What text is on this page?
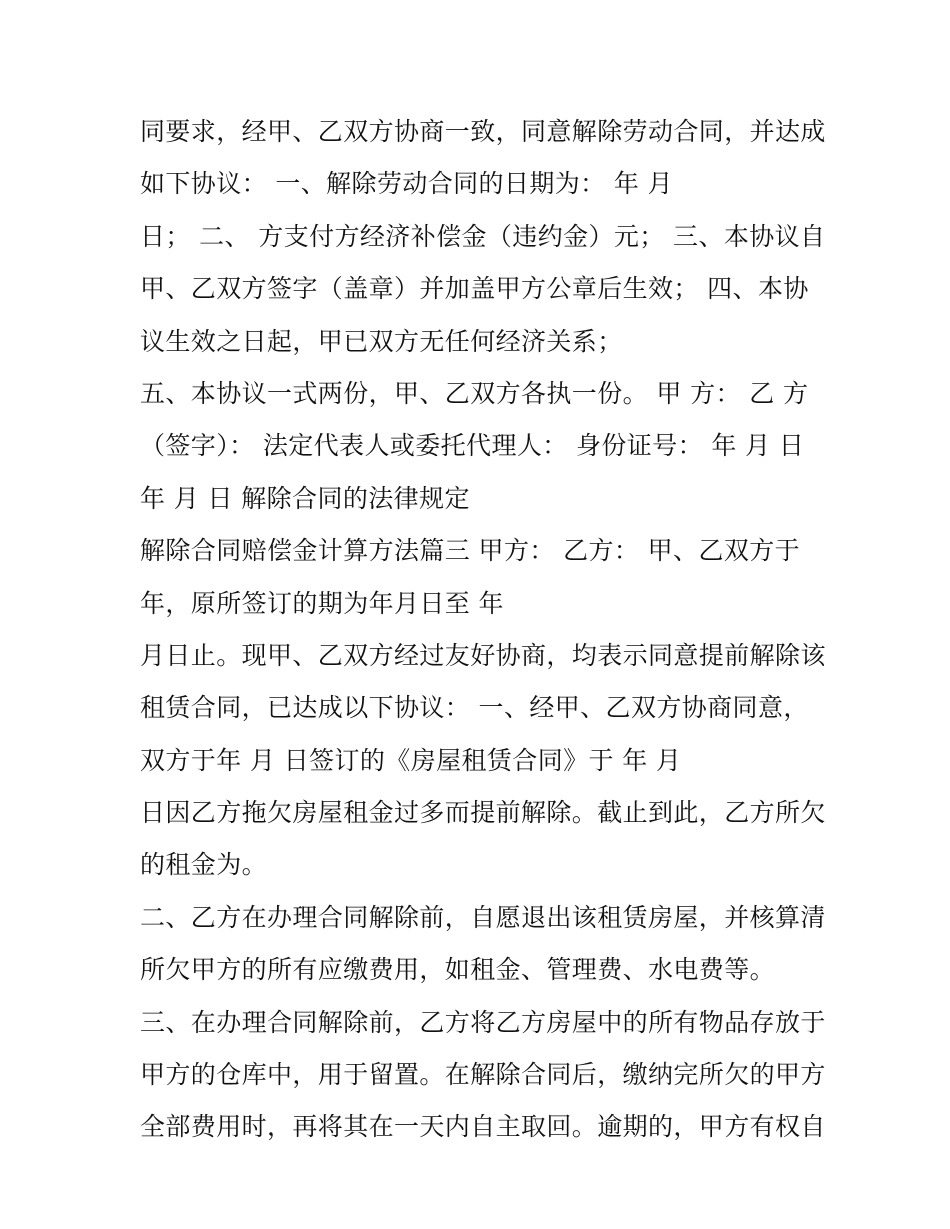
同要求，经甲、乙双方协商一致，同意解除劳动合同，并达成
如下协议： 一、解除劳动合同的日期为： 年 月
日； 二、 方支付方经济补偿金（违约金）元； 三、本协议自
甲、乙双方签字（盖章）并加盖甲方公章后生效； 四、本协
议生效之日起，甲已双方无任何经济关系；
五、本协议一式两份，甲、乙双方各执一份。 甲 方： 乙 方
（签字）： 法定代表人或委托代理人： 身份证号： 年 月 日
年 月 日 解除合同的法律规定
解除合同赔偿金计算方法篇三 甲方： 乙方： 甲、乙双方于
年，原所签订的期为年月日至 年
月日止。现甲、乙双方经过友好协商，均表示同意提前解除该
租赁合同，已达成以下协议： 一、经甲、乙双方协商同意，
双方于年 月 日签订的《房屋租赁合同》于 年 月
日因乙方拖欠房屋租金过多而提前解除。截止到此，乙方所欠
的租金为。
二、乙方在办理合同解除前，自愿退出该租赁房屋，并核算清
所欠甲方的所有应缴费用，如租金、管理费、水电费等。
三、在办理合同解除前，乙方将乙方房屋中的所有物品存放于
甲方的仓库中，用于留置。在解除合同后，缴纳完所欠的甲方
全部费用时，再将其在一天内自主取回。逾期的，甲方有权自
